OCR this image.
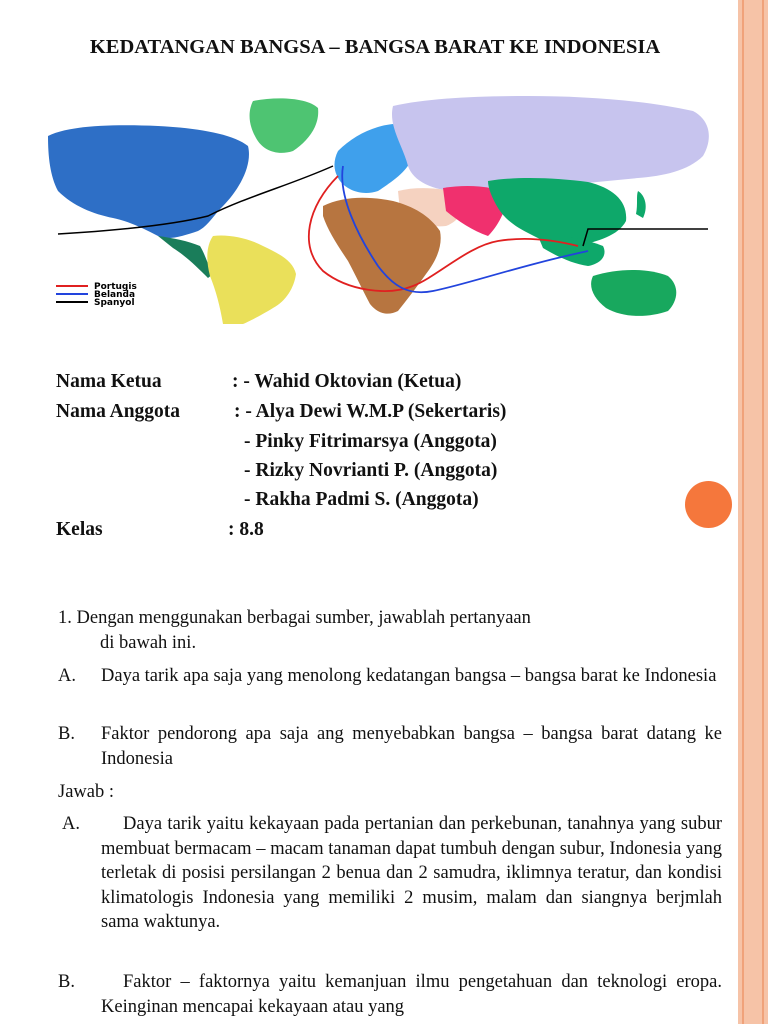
KEDATANGAN BANGSA – BANGSA BARAT KE INDONESIA
Portugis
Belanda
Spanyol
Nama Ketua	: - Wahid Oktovian (Ketua)
Nama Anggota	: - Alya Dewi W.M.P (Sekertaris)
- Pinky Fitrimarsya (Anggota)
- Rizky Novrianti P. (Anggota)
- Rakha Padmi S. (Anggota)
Kelas	: 8.8
1. Dengan menggunakan berbagai sumber, jawablah pertanyaan
di bawah ini.
A. Daya tarik apa saja yang menolong kedatangan bangsa – bangsa barat ke Indonesia
B. Faktor pendorong apa saja ang menyebabkan bangsa – bangsa barat datang ke Indonesia
Jawab :
A.	Daya tarik yaitu kekayaan pada pertanian dan perkebunan, tanahnya yang subur membuat bermacam – macam tanaman dapat tumbuh dengan subur, Indonesia yang terletak di posisi persilangan 2 benua dan 2 samudra, iklimnya teratur, dan kondisi klimatologis Indonesia yang memiliki 2 musim, malam dan siangnya berjmlah sama waktunya.
B.	Faktor – faktornya yaitu kemanjuan ilmu pengetahuan dan teknologi eropa. Keinginan mencapai kekayaan atau yang
